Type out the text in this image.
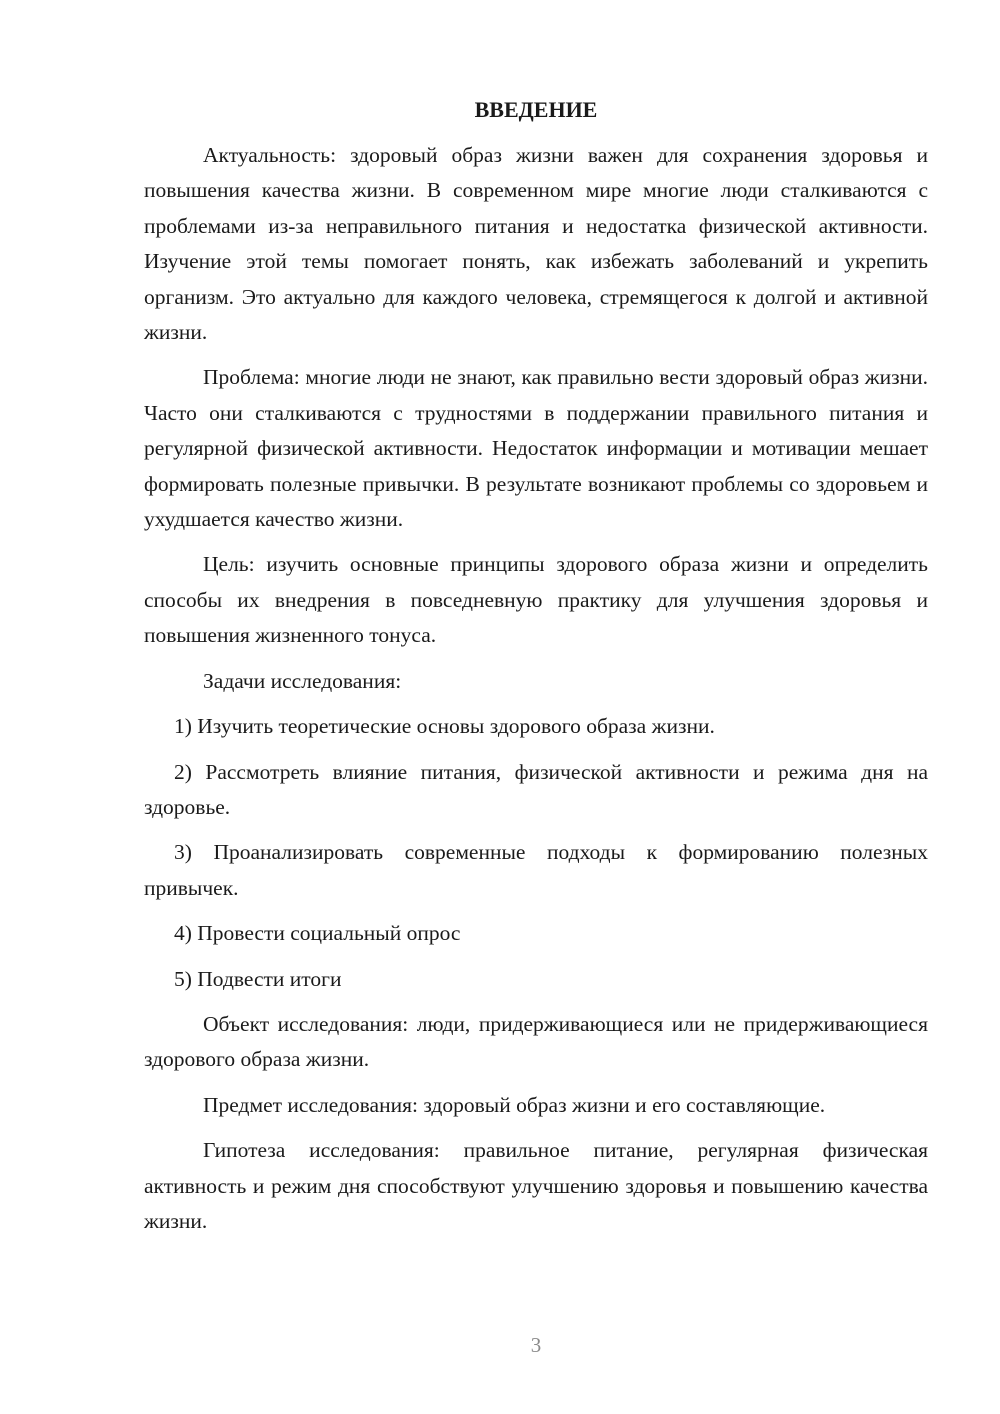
ВВЕДЕНИЕ

Актуальность: здоровый образ жизни важен для сохранения здоровья и повышения качества жизни. В современном мире многие люди сталкиваются с проблемами из-за неправильного питания и недостатка физической активности. Изучение этой темы помогает понять, как избежать заболеваний и укрепить организм. Это актуально для каждого человека, стремящегося к долгой и активной жизни.

Проблема: многие люди не знают, как правильно вести здоровый образ жизни. Часто они сталкиваются с трудностями в поддержании правильного питания и регулярной физической активности. Недостаток информации и мотивации мешает формировать полезные привычки. В результате возникают проблемы со здоровьем и ухудшается качество жизни.

Цель: изучить основные принципы здорового образа жизни и определить способы их внедрения в повседневную практику для улучшения здоровья и повышения жизненного тонуса.

Задачи исследования:

1) Изучить теоретические основы здорового образа жизни.

2) Рассмотреть влияние питания, физической активности и режима дня на здоровье.

3) Проанализировать современные подходы к формированию полезных привычек.

4) Провести социальный опрос

5) Подвести итоги

Объект исследования: люди, придерживающиеся или не придерживающиеся здорового образа жизни.

Предмет исследования: здоровый образ жизни и его составляющие.

Гипотеза исследования: правильное питание, регулярная физическая активность и режим дня способствуют улучшению здоровья и повышению качества жизни.

3
